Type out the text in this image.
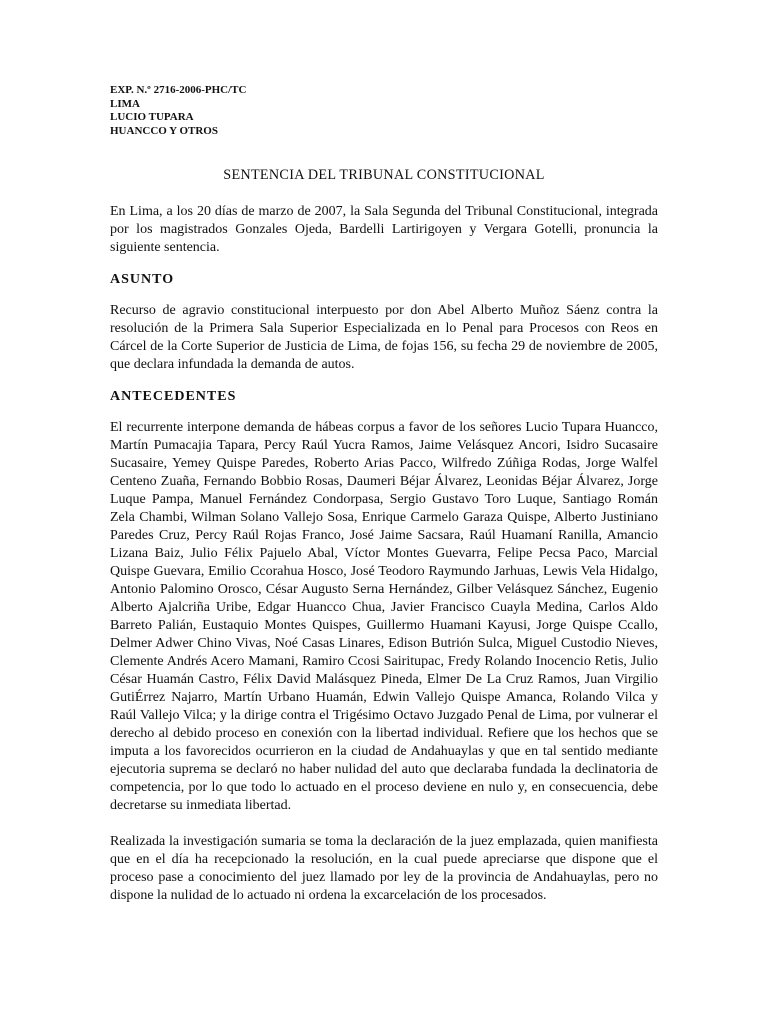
EXP. N.º 2716-2006-PHC/TC
LIMA
LUCIO TUPARA
HUANCCO Y OTROS
SENTENCIA DEL TRIBUNAL CONSTITUCIONAL

En Lima, a los 20 días de marzo de 2007, la Sala Segunda del Tribunal Constitucional, integrada por los magistrados Gonzales Ojeda, Bardelli Lartirigoyen y Vergara Gotelli, pronuncia la siguiente sentencia.

ASUNTO

Recurso de agravio constitucional interpuesto por don Abel Alberto Muñoz Sáenz contra la resolución de la Primera Sala Superior Especializada en lo Penal para Procesos con Reos en Cárcel de la Corte Superior de Justicia de Lima, de fojas 156, su fecha 29 de noviembre de 2005, que declara infundada la demanda de autos.

ANTECEDENTES

El recurrente interpone demanda de hábeas corpus a favor de los señores Lucio Tupara Huancco, Martín Pumacajia Tapara, Percy Raúl Yucra Ramos, Jaime Velásquez Ancori, Isidro Sucasaire Sucasaire, Yemey Quispe Paredes, Roberto Arias Pacco, Wilfredo Zúñiga Rodas, Jorge Walfel Centeno Zuaña, Fernando Bobbio Rosas, Daumeri Béjar Álvarez, Leonidas Béjar Álvarez, Jorge Luque Pampa, Manuel Fernández Condorpasa, Sergio Gustavo Toro Luque, Santiago Román Zela Chambi, Wilman Solano Vallejo Sosa, Enrique Carmelo Garaza Quispe, Alberto Justiniano Paredes Cruz, Percy Raúl Rojas Franco, José Jaime Sacsara, Raúl Huamaní Ranilla, Amancio Lizana Baiz, Julio Félix Pajuelo Abal, Víctor Montes Guevarra, Felipe Pecsa Paco, Marcial Quispe Guevara, Emilio Ccorahua Hosco, José Teodoro Raymundo Jarhuas, Lewis Vela Hidalgo, Antonio Palomino Orosco, César Augusto Serna Hernández, Gilber Velásquez Sánchez, Eugenio Alberto Ajalcriña Uribe, Edgar Huancco Chua, Javier Francisco Cuayla Medina, Carlos Aldo Barreto Palián, Eustaquio Montes Quispes, Guillermo Huamani Kayusi, Jorge Quispe Ccallo, Delmer Adwer Chino Vivas, Noé Casas Linares, Edison Butrión Sulca, Miguel Custodio Nieves, Clemente Andrés Acero Mamani, Ramiro Ccosi Sairitupac, Fredy Rolando Inocencio Retis, Julio César Huamán Castro, Félix David Malásquez Pineda, Elmer De La Cruz Ramos, Juan Virgilio GutiÉrrez Najarro, Martín Urbano Huamán, Edwin Vallejo Quispe Amanca, Rolando Vilca y Raúl Vallejo Vilca; y la dirige contra el Trigésimo Octavo Juzgado Penal de Lima, por vulnerar el derecho al debido proceso en conexión con la libertad individual. Refiere que los hechos que se imputa a los favorecidos ocurrieron en la ciudad de Andahuaylas y que en tal sentido mediante ejecutoria suprema se declaró no haber nulidad del auto que declaraba fundada la declinatoria de competencia, por lo que todo lo actuado en el proceso deviene en nulo y, en consecuencia, debe decretarse su inmediata libertad.

Realizada la investigación sumaria se toma la declaración de la juez emplazada, quien manifiesta que en el día ha recepcionado la resolución, en la cual puede apreciarse que dispone que el proceso pase a conocimiento del juez llamado por ley de la provincia de Andahuaylas, pero no dispone la nulidad de lo actuado ni ordena la excarcelación de los procesados.
